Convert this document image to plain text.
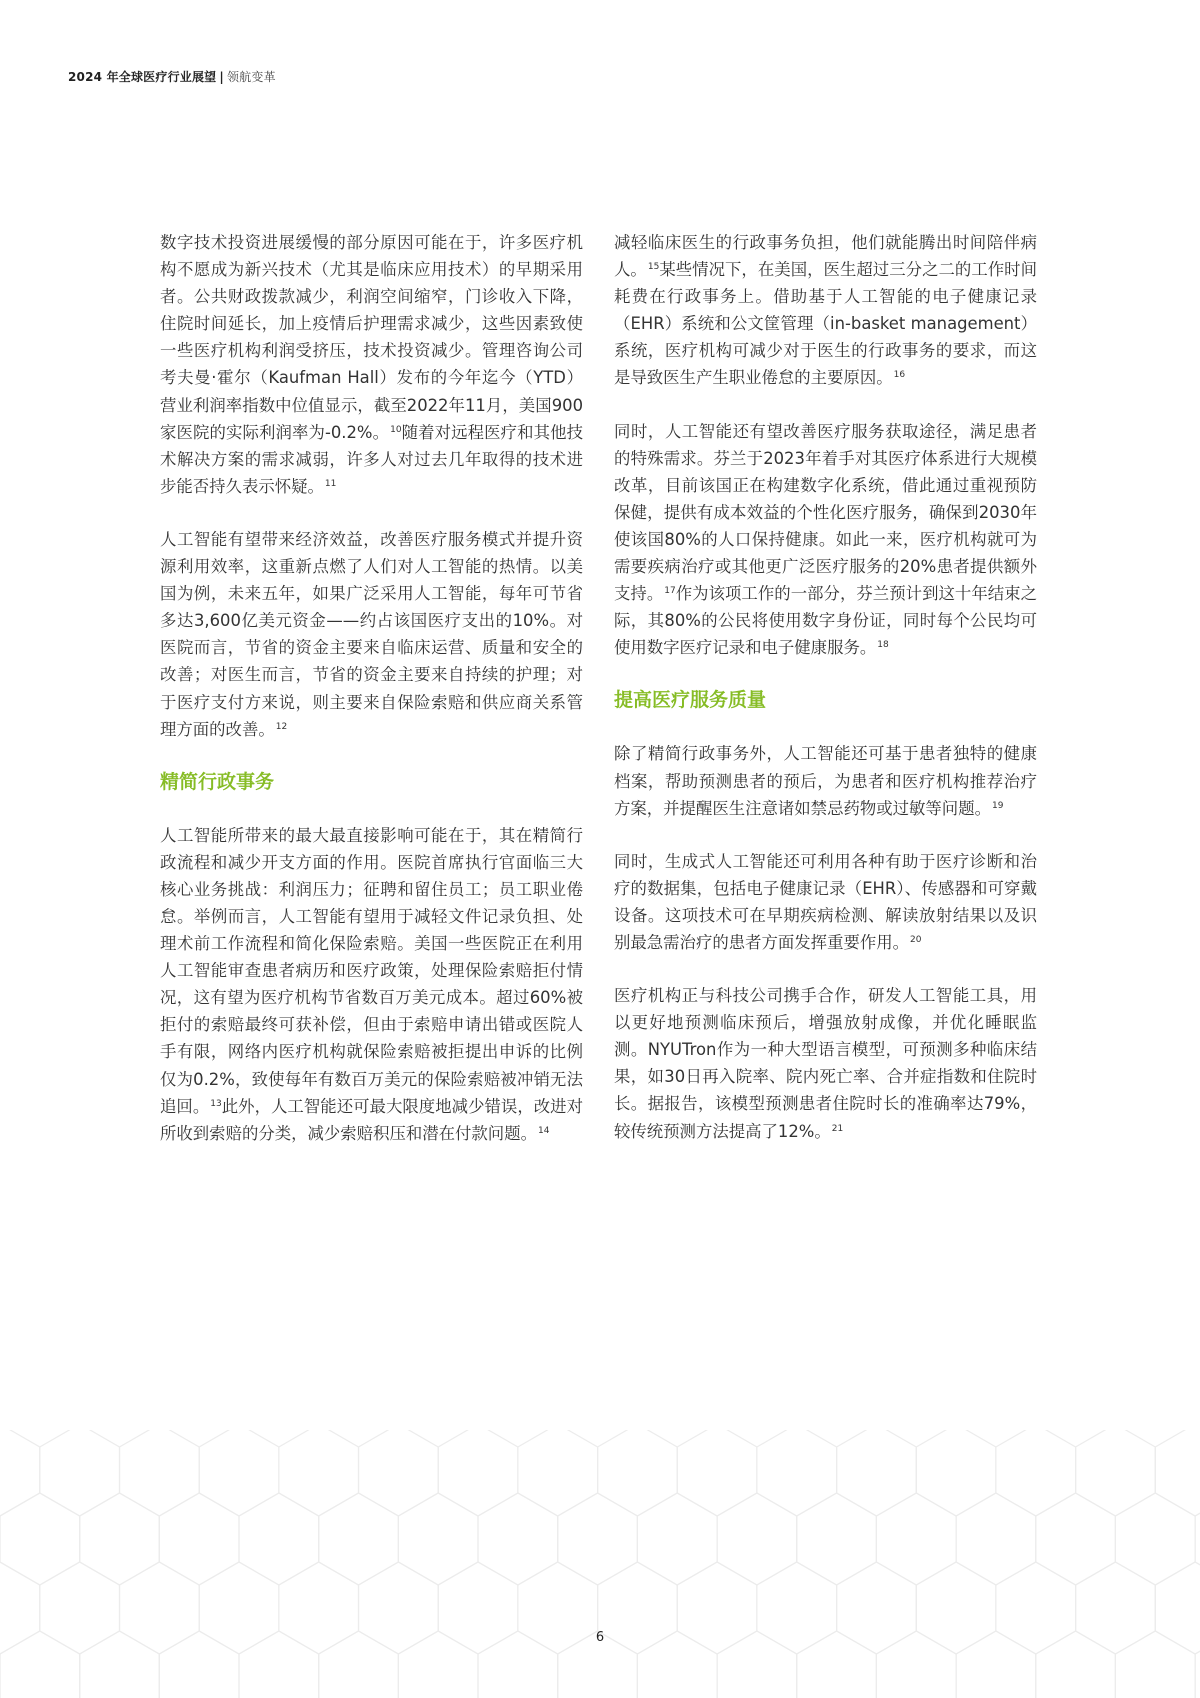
2024 年全球医疗行业展望 | 领航变革

数字技术投资进展缓慢的部分原因可能在于，许多医疗机构不愿成为新兴技术（尤其是临床应用技术）的早期采用者。公共财政拨款减少，利润空间缩窄，门诊收入下降，住院时间延长，加上疫情后护理需求减少，这些因素致使一些医疗机构利润受挤压，技术投资减少。管理咨询公司考夫曼·霍尔（Kaufman Hall）发布的今年迄今（YTD）营业利润率指数中位值显示，截至2022年11月，美国900家医院的实际利润率为-0.2%。$^{10}$随着对远程医疗和其他技术解决方案的需求减弱，许多人对过去几年取得的技术进步能否持久表示怀疑。$^{11}$

人工智能有望带来经济效益，改善医疗服务模式并提升资源利用效率，这重新点燃了人们对人工智能的热情。以美国为例，未来五年，如果广泛采用人工智能，每年可节省多达3,600亿美元资金——约占该国医疗支出的10%。对医院而言，节省的资金主要来自临床运营、质量和安全的改善；对医生而言，节省的资金主要来自持续的护理；对于医疗支付方来说，则主要来自保险索赔和供应商关系管理方面的改善。$^{12}$

精简行政事务

人工智能所带来的最大最直接影响可能在于，其在精简行政流程和减少开支方面的作用。医院首席执行官面临三大核心业务挑战：利润压力；征聘和留住员工；员工职业倦怠。举例而言，人工智能有望用于减轻文件记录负担、处理术前工作流程和简化保险索赔。美国一些医院正在利用人工智能审查患者病历和医疗政策，处理保险索赔拒付情况，这有望为医疗机构节省数百万美元成本。超过60%被拒付的索赔最终可获补偿，但由于索赔申请出错或医院人手有限，网络内医疗机构就保险索赔被拒提出申诉的比例仅为0.2%，致使每年有数百万美元的保险索赔被冲销无法追回。$^{13}$此外，人工智能还可最大限度地减少错误，改进对所收到索赔的分类，减少索赔积压和潜在付款问题。$^{14}$

减轻临床医生的行政事务负担，他们就能腾出时间陪伴病人。$^{15}$某些情况下，在美国，医生超过三分之二的工作时间耗费在行政事务上。借助基于人工智能的电子健康记录（EHR）系统和公文筐管理（in-basket management）系统，医疗机构可减少对于医生的行政事务的要求，而这是导致医生产生职业倦怠的主要原因。$^{16}$

同时，人工智能还有望改善医疗服务获取途径，满足患者的特殊需求。芬兰于2023年着手对其医疗体系进行大规模改革，目前该国正在构建数字化系统，借此通过重视预防保健，提供有成本效益的个性化医疗服务，确保到2030年使该国80%的人口保持健康。如此一来，医疗机构就可为需要疾病治疗或其他更广泛医疗服务的20%患者提供额外支持。$^{17}$作为该项工作的一部分，芬兰预计到这十年结束之际，其80%的公民将使用数字身份证，同时每个公民均可使用数字医疗记录和电子健康服务。$^{18}$

提高医疗服务质量

除了精简行政事务外，人工智能还可基于患者独特的健康档案，帮助预测患者的预后，为患者和医疗机构推荐治疗方案，并提醒医生注意诸如禁忌药物或过敏等问题。$^{19}$

同时，生成式人工智能还可利用各种有助于医疗诊断和治疗的数据集，包括电子健康记录（EHR）、传感器和可穿戴设备。这项技术可在早期疾病检测、解读放射结果以及识别最急需治疗的患者方面发挥重要作用。$^{20}$

医疗机构正与科技公司携手合作，研发人工智能工具，用以更好地预测临床预后，增强放射成像，并优化睡眠监测。NYUTron作为一种大型语言模型，可预测多种临床结果，如30日再入院率、院内死亡率、合并症指数和住院时长。据报告，该模型预测患者住院时长的准确率达79%，较传统预测方法提高了12%。$^{21}$

6
